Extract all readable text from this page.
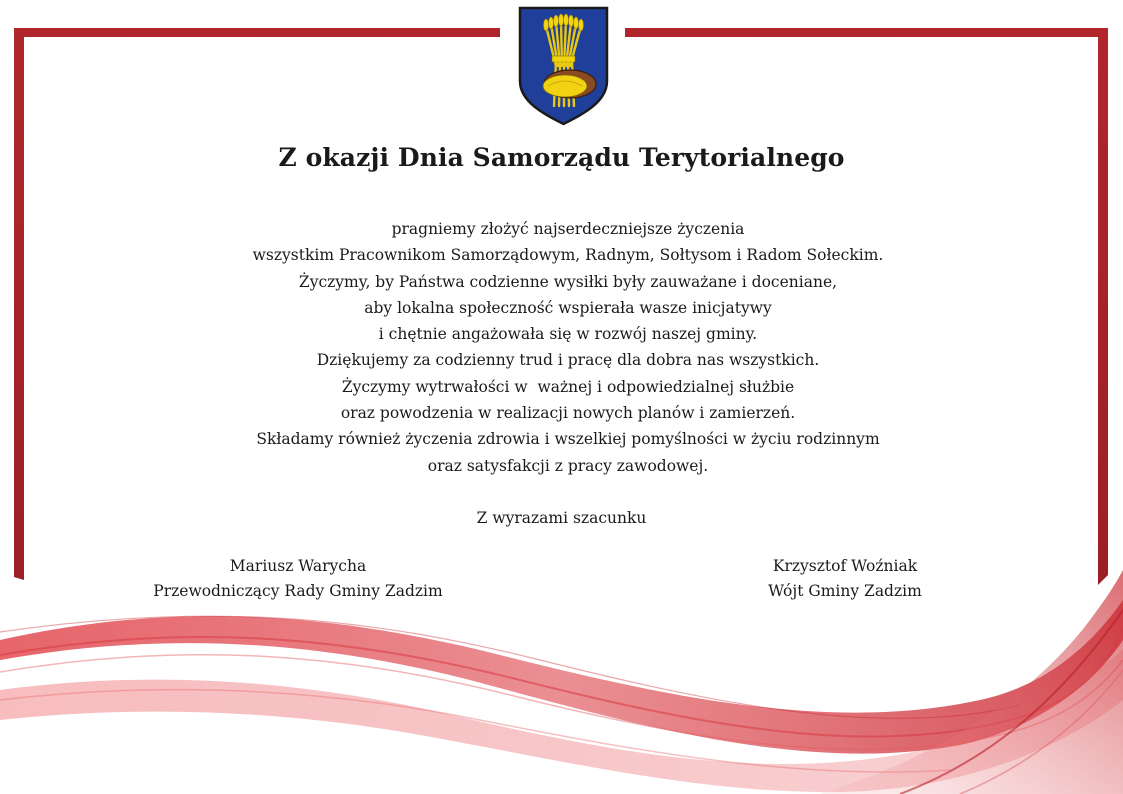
Z okazji Dnia Samorządu Terytorialnego
pragniemy złożyć najserdeczniejsze życzenia
wszystkim Pracownikom Samorządowym, Radnym, Sołtysom i Radom Sołeckim.
Życzymy, by Państwa codzienne wysiłki były zauważane i doceniane,
aby lokalna społeczność wspierała wasze inicjatywy
i chętnie angażowała się w rozwój naszej gminy.
Dziękujemy za codzienny trud i pracę dla dobra nas wszystkich.
Życzymy wytrwałości w  ważnej i odpowiedzialnej służbie
oraz powodzenia w realizacji nowych planów i zamierzeń.
Składamy również życzenia zdrowia i wszelkiej pomyślności w życiu rodzinnym
oraz satysfakcji z pracy zawodowej.

Z wyrazami szacunku

Mariusz Warycha
Przewodniczący Rady Gminy Zadzim
Krzysztof Woźniak
Wójt Gminy Zadzim
